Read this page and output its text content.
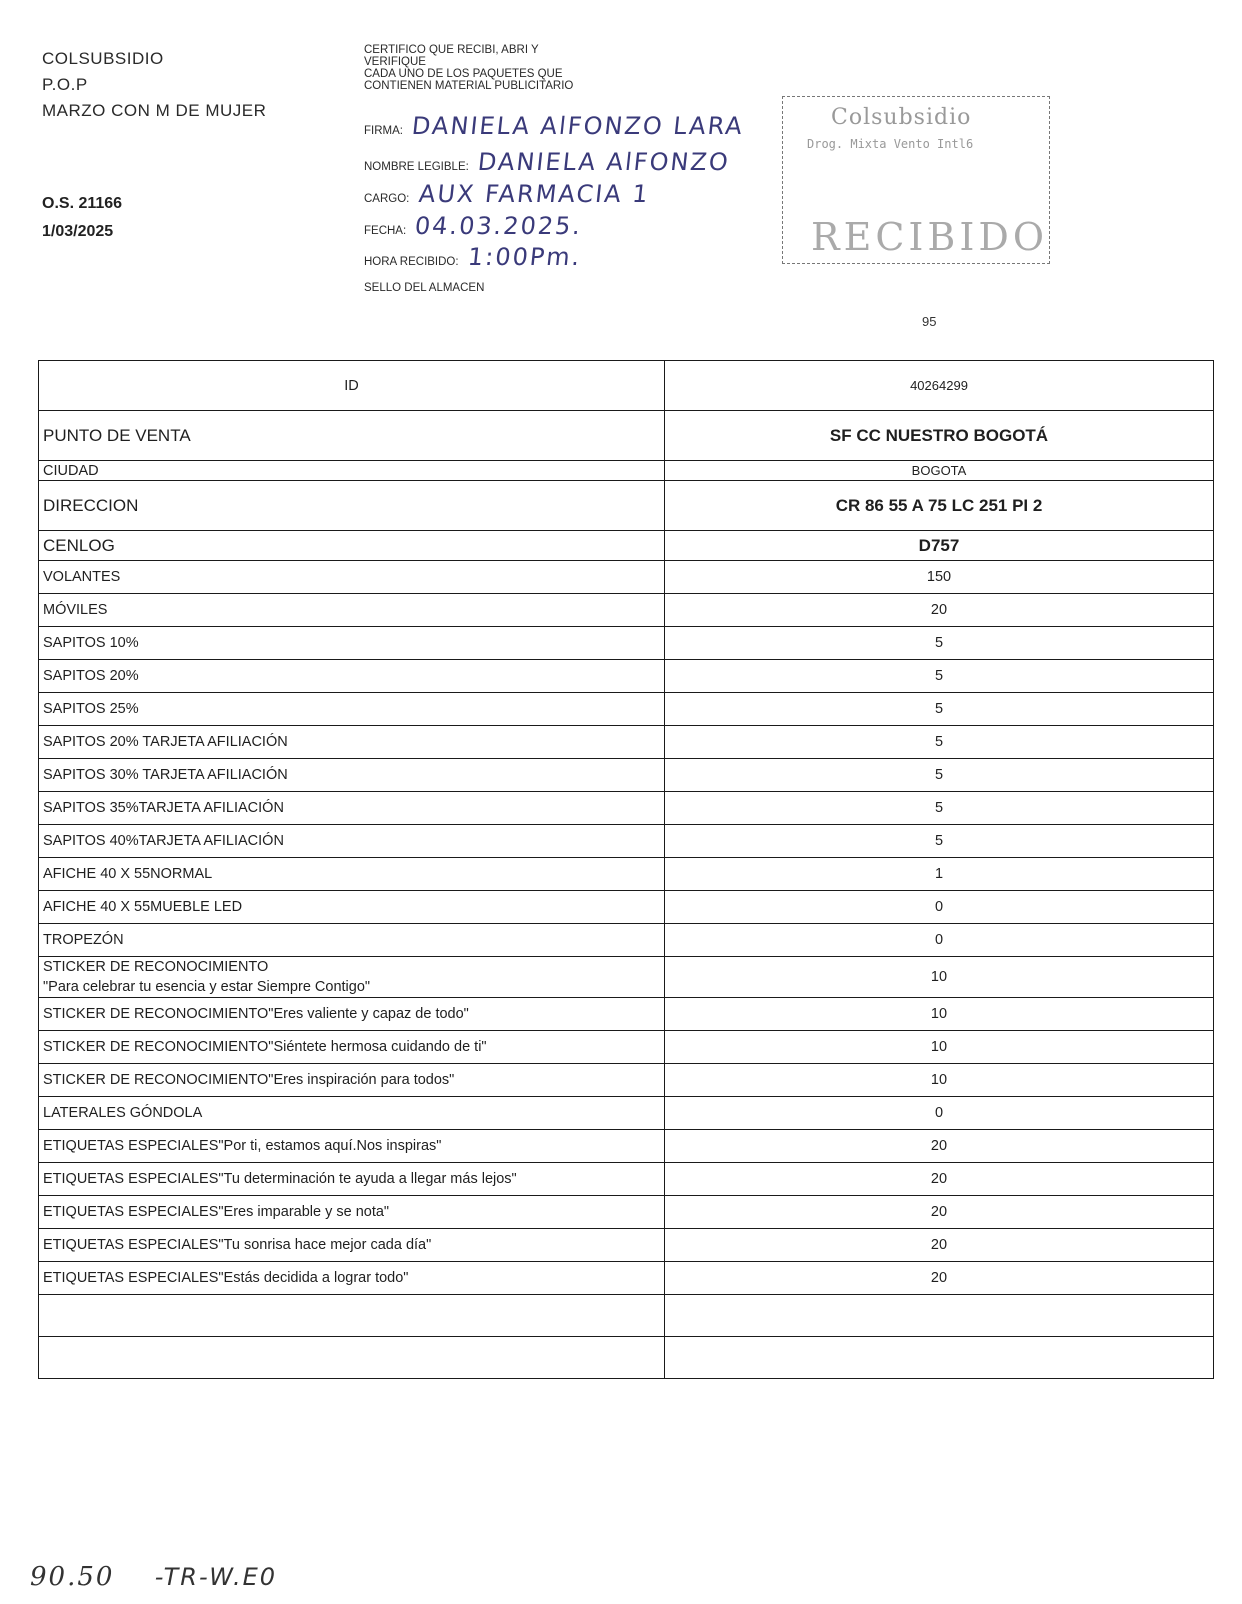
COLSUBSIDIO
P.O.P
MARZO CON M DE MUJER
O.S. 21166
1/03/2025
CERTIFICO QUE RECIBI, ABRI Y
VERIFIQUE
CADA UNO DE LOS PAQUETES QUE
CONTIENEN MATERIAL PUBLICITARIO
FIRMA: DANIELA AlFONZO LARA
NOMBRE LEGIBLE: DANIELA AlFONZO
CARGO: AUX FARMACIA 1
FECHA: 04.03.2025.
HORA RECIBIDO: 1:00Pm.
SELLO DEL ALMACEN
Colsubsidio
Drog. Mixta Vento Intl6
RECIBIDO
95
ID	40264299
PUNTO DE VENTA	SF CC NUESTRO BOGOTÁ
CIUDAD	BOGOTA
DIRECCION	CR 86 55 A 75 LC 251 PI 2
CENLOG	D757
VOLANTES	150
MÓVILES	20
SAPITOS 10%	5
SAPITOS 20%	5
SAPITOS 25%	5
SAPITOS 20% TARJETA AFILIACIÓN	5
SAPITOS 30% TARJETA AFILIACIÓN	5
SAPITOS 35%TARJETA AFILIACIÓN	5
SAPITOS 40%TARJETA AFILIACIÓN	5
AFICHE 40 X 55NORMAL	1
AFICHE 40 X 55MUEBLE LED	0
TROPEZÓN	0

STICKER DE RECONOCIMIENTO
"Para celebrar tu esencia y estar Siempre Contigo"	10
STICKER DE RECONOCIMIENTO"Eres valiente y capaz de todo"	10
STICKER DE RECONOCIMIENTO"Siéntete hermosa cuidando de ti"	10
STICKER DE RECONOCIMIENTO"Eres inspiración para todos"	10
LATERALES GÓNDOLA	0
ETIQUETAS ESPECIALES"Por ti, estamos aquí.Nos inspiras"	20
ETIQUETAS ESPECIALES"Tu determinación te ayuda a llegar más lejos"	20
ETIQUETAS ESPECIALES"Eres imparable y se nota"	20
ETIQUETAS ESPECIALES"Tu sonrisa hace mejor cada día"	20
ETIQUETAS ESPECIALES"Estás decidida a lograr todo"	20

90.50 -TR-W.E0
